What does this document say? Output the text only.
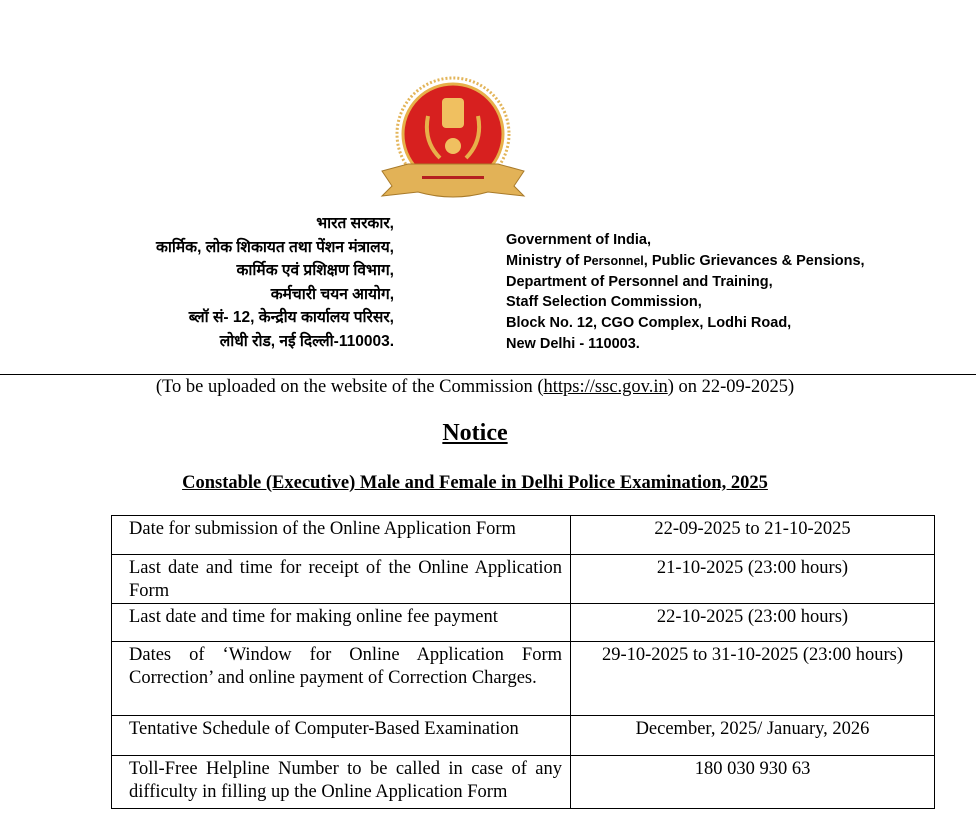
भारत सरकार,
कार्मिक, लोक शिकायत तथा पेंशन मंत्रालय,
कार्मिक एवं प्रशिक्षण विभाग,
कर्मचारी चयन आयोग,
ब्लॉ सं- 12, केन्द्रीय कार्यालय परिसर,
लोधी रोड, नई दिल्ली-110003.
Government of India,
Ministry of Personnel, Public Grievances & Pensions,
Department of Personnel and Training,
Staff Selection Commission,
Block No. 12, CGO Complex, Lodhi Road,
New Delhi - 110003.
(To be uploaded on the website of the Commission (https://ssc.gov.in) on 22-09-2025)
Notice
Constable (Executive) Male and Female in Delhi Police Examination, 2025
Date for submission of the Online Application Form	22-09-2025 to 21-10-2025
Last date and time for receipt of the Online Application Form	21-10-2025 (23:00 hours)
Last date and time for making online fee payment	22-10-2025 (23:00 hours)
Dates of ‘Window for Online Application Form Correction’ and online payment of Correction Charges.	29-10-2025 to 31-10-2025 (23:00 hours)
Tentative Schedule of Computer-Based Examination	December, 2025/ January, 2026
Toll-Free Helpline Number to be called in case of any difficulty in filling up the Online Application Form	180 030 930 63
